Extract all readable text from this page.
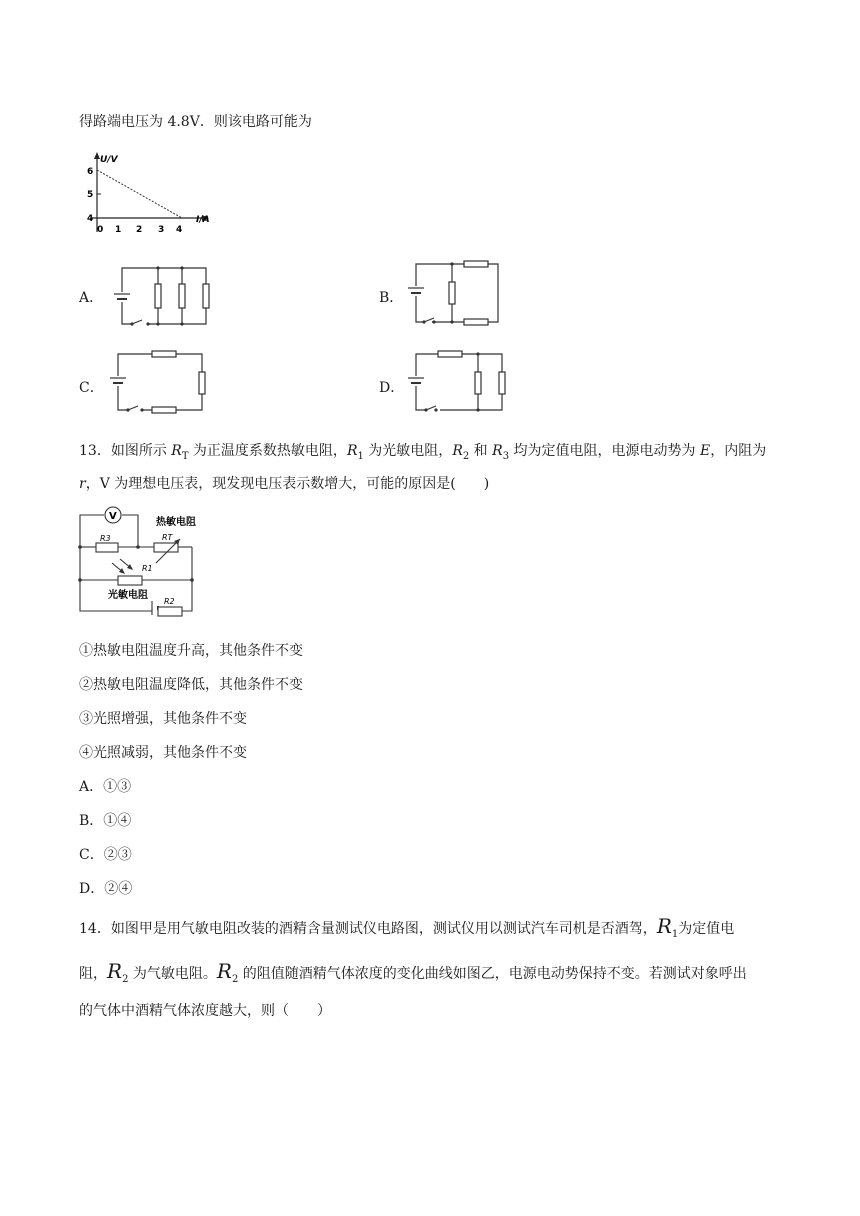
得路端电压为 4.8V．则该电路可能为
U/V
I/A
6
5
4
0 1 2 3 4
A．	B．
C．	D．
13．如图所示 $R_T$ 为正温度系数热敏电阻，$R_1$ 为光敏电阻，$R_2$ 和 $R_3$ 均为定值电阻，电源电动势为 E，内阻为
r，V 为理想电压表，现发现电压表示数增大，可能的原因是(　　)
V
R3
热敏电阻
RT
R1
光敏电阻
R2
①热敏电阻温度升高，其他条件不变
②热敏电阻温度降低，其他条件不变
③光照增强，其他条件不变
④光照减弱，其他条件不变
A．①③
B．①④
C．②③
D．②④
14．如图甲是用气敏电阻改装的酒精含量测试仪电路图，测试仪用以测试汽车司机是否酒驾，$R_1$为定值电
阻，$R_2$ 为气敏电阻。$R_2$ 的阻值随酒精气体浓度的变化曲线如图乙，电源电动势保持不变。若测试对象呼出
的气体中酒精气体浓度越大，则（　　）
